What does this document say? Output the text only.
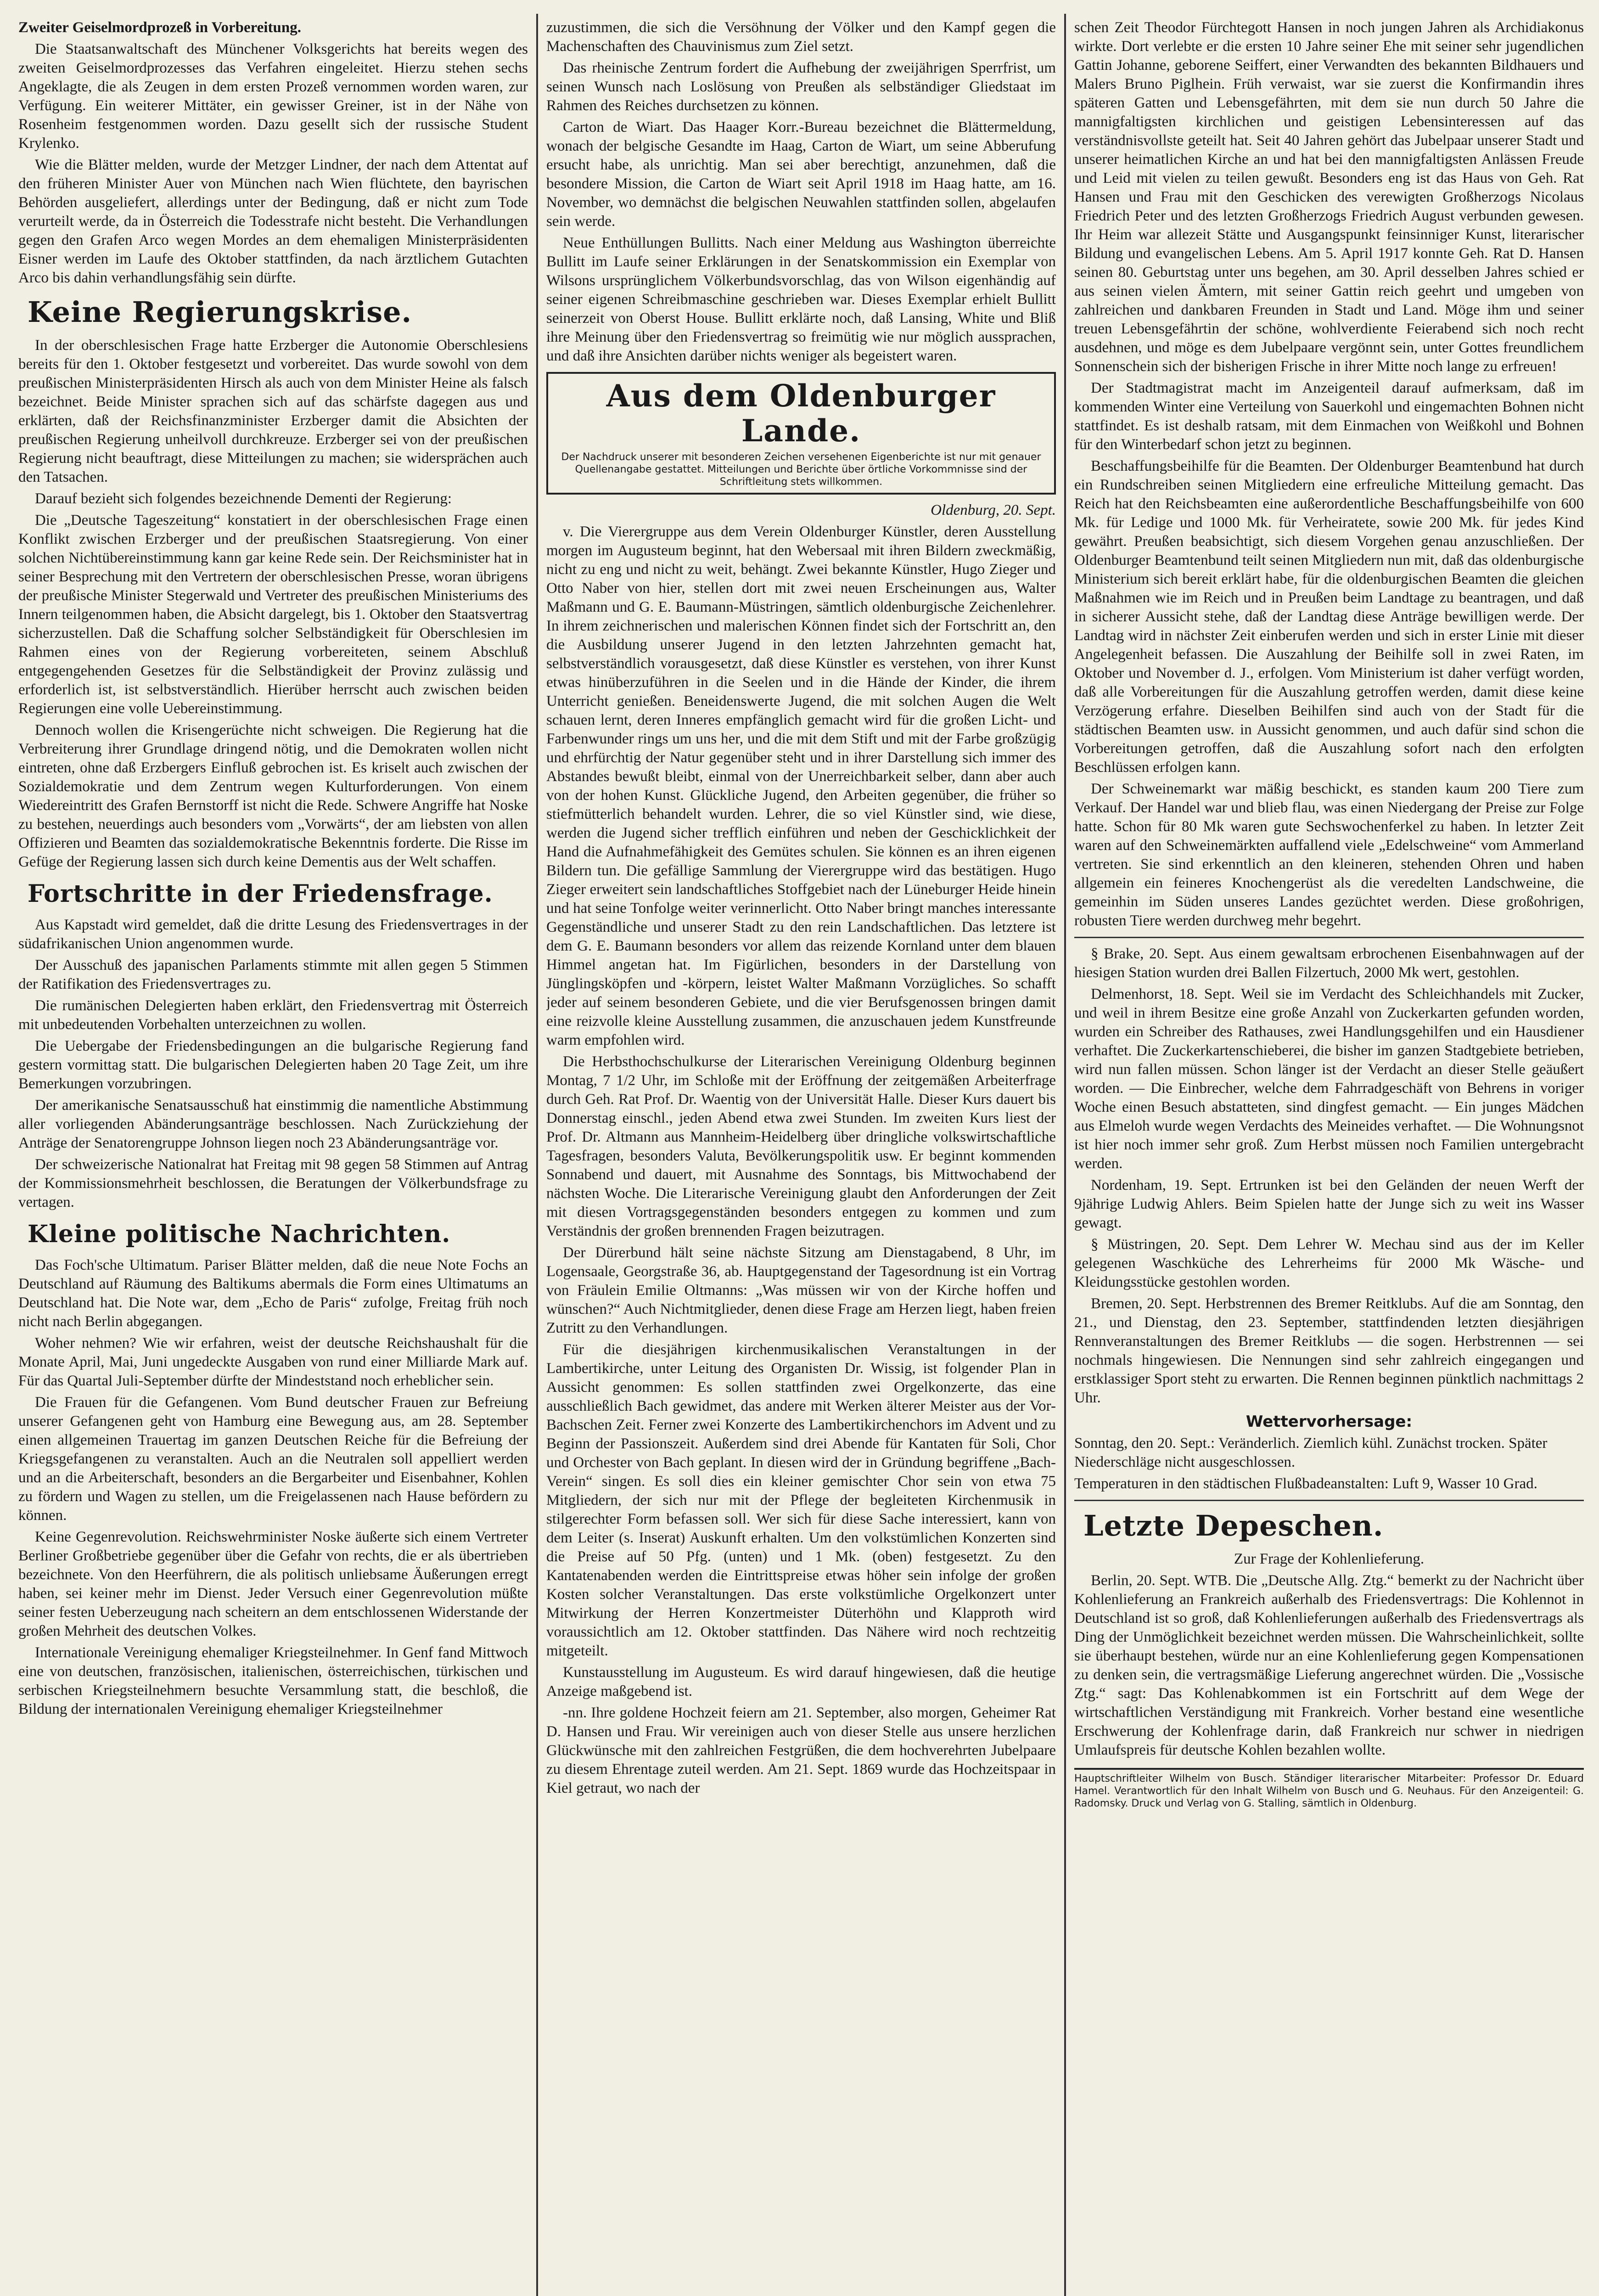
Zweiter Geiselmordprozeß in Vorbereitung.

Die Staatsanwaltschaft des Münchener Volksgerichts hat bereits wegen des zweiten Geiselmordprozesses das Verfahren eingeleitet. Hierzu stehen sechs Angeklagte, die als Zeugen in dem ersten Prozeß vernommen worden waren, zur Verfügung. Ein weiterer Mittäter, ein gewisser Greiner, ist in der Nähe von Rosenheim festgenommen worden. Dazu gesellt sich der russische Student Krylenko.

Wie die Blätter melden, wurde der Metzger Lindner, der nach dem Attentat auf den früheren Minister Auer von München nach Wien flüchtete, den bayrischen Behörden ausgeliefert, allerdings unter der Bedingung, daß er nicht zum Tode verurteilt werde, da in Österreich die Todesstrafe nicht besteht. Die Verhandlungen gegen den Grafen Arco wegen Mordes an dem ehemaligen Ministerpräsidenten Eisner werden im Laufe des Oktober stattfinden, da nach ärztlichem Gutachten Arco bis dahin verhandlungsfähig sein dürfte.

Keine Regierungskrise.

In der oberschlesischen Frage hatte Erzberger die Autonomie Oberschlesiens bereits für den 1. Oktober festgesetzt und vorbereitet. Das wurde sowohl von dem preußischen Ministerpräsidenten Hirsch als auch von dem Minister Heine als falsch bezeichnet. Beide Minister sprachen sich auf das schärfste dagegen aus und erklärten, daß der Reichsfinanzminister Erzberger damit die Absichten der preußischen Regierung unheilvoll durchkreuze. Erzberger sei von der preußischen Regierung nicht beauftragt, diese Mitteilungen zu machen; sie widersprächen auch den Tatsachen.

Darauf bezieht sich folgendes bezeichnende Dementi der Regierung:

Die „Deutsche Tageszeitung“ konstatiert in der oberschlesischen Frage einen Konflikt zwischen Erzberger und der preußischen Staatsregierung. Von einer solchen Nichtübereinstimmung kann gar keine Rede sein. Der Reichsminister hat in seiner Besprechung mit den Vertretern der oberschlesischen Presse, woran übrigens der preußische Minister Stegerwald und Vertreter des preußischen Ministeriums des Innern teilgenommen haben, die Absicht dargelegt, bis 1. Oktober den Staatsvertrag sicherzustellen. Daß die Schaffung solcher Selbständigkeit für Oberschlesien im Rahmen eines von der Regierung vorbereiteten, seinem Abschluß entgegengehenden Gesetzes für die Selbständigkeit der Provinz zulässig und erforderlich ist, ist selbstverständlich. Hierüber herrscht auch zwischen beiden Regierungen eine volle Uebereinstimmung.

Dennoch wollen die Krisengerüchte nicht schweigen. Die Regierung hat die Verbreiterung ihrer Grundlage dringend nötig, und die Demokraten wollen nicht eintreten, ohne daß Erzbergers Einfluß gebrochen ist. Es kriselt auch zwischen der Sozialdemokratie und dem Zentrum wegen Kulturforderungen. Von einem Wiedereintritt des Grafen Bernstorff ist nicht die Rede. Schwere Angriffe hat Noske zu bestehen, neuerdings auch besonders vom „Vorwärts“, der am liebsten von allen Offizieren und Beamten das sozialdemokratische Bekenntnis forderte. Die Risse im Gefüge der Regierung lassen sich durch keine Dementis aus der Welt schaffen.

Fortschritte in der Friedensfrage.

Aus Kapstadt wird gemeldet, daß die dritte Lesung des Friedensvertrages in der südafrikanischen Union angenommen wurde.

Der Ausschuß des japanischen Parlaments stimmte mit allen gegen 5 Stimmen der Ratifikation des Friedensvertrages zu.

Die rumänischen Delegierten haben erklärt, den Friedensvertrag mit Österreich mit unbedeutenden Vorbehalten unterzeichnen zu wollen.

Die Uebergabe der Friedensbedingungen an die bulgarische Regierung fand gestern vormittag statt. Die bulgarischen Delegierten haben 20 Tage Zeit, um ihre Bemerkungen vorzubringen.

Der amerikanische Senatsausschuß hat einstimmig die namentliche Abstimmung aller vorliegenden Abänderungsanträge beschlossen. Nach Zurückziehung der Anträge der Senatorengruppe Johnson liegen noch 23 Abänderungsanträge vor.

Der schweizerische Nationalrat hat Freitag mit 98 gegen 58 Stimmen auf Antrag der Kommissionsmehrheit beschlossen, die Beratungen der Völkerbundsfrage zu vertagen.

Kleine politische Nachrichten.

Das Foch'sche Ultimatum. Pariser Blätter melden, daß die neue Note Fochs an Deutschland auf Räumung des Baltikums abermals die Form eines Ultimatums an Deutschland hat. Die Note war, dem „Echo de Paris“ zufolge, Freitag früh noch nicht nach Berlin abgegangen.

Woher nehmen? Wie wir erfahren, weist der deutsche Reichshaushalt für die Monate April, Mai, Juni ungedeckte Ausgaben von rund einer Milliarde Mark auf. Für das Quartal Juli-September dürfte der Mindeststand noch erheblicher sein.

Die Frauen für die Gefangenen. Vom Bund deutscher Frauen zur Befreiung unserer Gefangenen geht von Hamburg eine Bewegung aus, am 28. September einen allgemeinen Trauertag im ganzen Deutschen Reiche für die Befreiung der Kriegsgefangenen zu veranstalten. Auch an die Neutralen soll appelliert werden und an die Arbeiterschaft, besonders an die Bergarbeiter und Eisenbahner, Kohlen zu fördern und Wagen zu stellen, um die Freigelassenen nach Hause befördern zu können.

Keine Gegenrevolution. Reichswehrminister Noske äußerte sich einem Vertreter Berliner Großbetriebe gegenüber über die Gefahr von rechts, die er als übertrieben bezeichnete. Von den Heerführern, die als politisch unliebsame Äußerungen erregt haben, sei keiner mehr im Dienst. Jeder Versuch einer Gegenrevolution müßte seiner festen Ueberzeugung nach scheitern an dem entschlossenen Widerstande der großen Mehrheit des deutschen Volkes.

Internationale Vereinigung ehemaliger Kriegsteilnehmer. In Genf fand Mittwoch eine von deutschen, französischen, italienischen, österreichischen, türkischen und serbischen Kriegsteilnehmern besuchte Versammlung statt, die beschloß, die Bildung der internationalen Vereinigung ehemaliger Kriegsteilnehmer

zuzustimmen, die sich die Versöhnung der Völker und den Kampf gegen die Machenschaften des Chauvinismus zum Ziel setzt.

Das rheinische Zentrum fordert die Aufhebung der zweijährigen Sperrfrist, um seinen Wunsch nach Loslösung von Preußen als selbständiger Gliedstaat im Rahmen des Reiches durchsetzen zu können.

Carton de Wiart. Das Haager Korr.-Bureau bezeichnet die Blättermeldung, wonach der belgische Gesandte im Haag, Carton de Wiart, um seine Abberufung ersucht habe, als unrichtig. Man sei aber berechtigt, anzunehmen, daß die besondere Mission, die Carton de Wiart seit April 1918 im Haag hatte, am 16. November, wo demnächst die belgischen Neuwahlen stattfinden sollen, abgelaufen sein werde.

Neue Enthüllungen Bullitts. Nach einer Meldung aus Washington überreichte Bullitt im Laufe seiner Erklärungen in der Senatskommission ein Exemplar von Wilsons ursprünglichem Völkerbundsvorschlag, das von Wilson eigenhändig auf seiner eigenen Schreibmaschine geschrieben war. Dieses Exemplar erhielt Bullitt seinerzeit von Oberst House. Bullitt erklärte noch, daß Lansing, White und Bliß ihre Meinung über den Friedensvertrag so freimütig wie nur möglich aussprachen, und daß ihre Ansichten darüber nichts weniger als begeistert waren.

Aus dem Oldenburger Lande.
Der Nachdruck unserer mit besonderen Zeichen versehenen Eigenberichte ist nur mit genauer Quellenangabe gestattet. Mitteilungen und Berichte über örtliche Vorkommnisse sind der Schriftleitung stets willkommen.

Oldenburg, 20. Sept.

v. Die Vierergruppe aus dem Verein Oldenburger Künstler, deren Ausstellung morgen im Augusteum beginnt, hat den Webersaal mit ihren Bildern zweckmäßig, nicht zu eng und nicht zu weit, behängt. Zwei bekannte Künstler, Hugo Zieger und Otto Naber von hier, stellen dort mit zwei neuen Erscheinungen aus, Walter Maßmann und G. E. Baumann-Müstringen, sämtlich oldenburgische Zeichenlehrer. In ihrem zeichnerischen und malerischen Können findet sich der Fortschritt an, den die Ausbildung unserer Jugend in den letzten Jahrzehnten gemacht hat, selbstverständlich vorausgesetzt, daß diese Künstler es verstehen, von ihrer Kunst etwas hinüberzuführen in die Seelen und in die Hände der Kinder, die ihrem Unterricht genießen. Beneidenswerte Jugend, die mit solchen Augen die Welt schauen lernt, deren Inneres empfänglich gemacht wird für die großen Licht- und Farbenwunder rings um uns her, und die mit dem Stift und mit der Farbe großzügig und ehrfürchtig der Natur gegenüber steht und in ihrer Darstellung sich immer des Abstandes bewußt bleibt, einmal von der Unerreichbarkeit selber, dann aber auch von der hohen Kunst. Glückliche Jugend, den Arbeiten gegenüber, die früher so stiefmütterlich behandelt wurden. Lehrer, die so viel Künstler sind, wie diese, werden die Jugend sicher trefflich einführen und neben der Geschicklichkeit der Hand die Aufnahmefähigkeit des Gemütes schulen. Sie können es an ihren eigenen Bildern tun. Die gefällige Sammlung der Vierergruppe wird das bestätigen. Hugo Zieger erweitert sein landschaftliches Stoffgebiet nach der Lüneburger Heide hinein und hat seine Tonfolge weiter verinnerlicht. Otto Naber bringt manches interessante Gegenständliche und unserer Stadt zu den rein Landschaftlichen. Das letztere ist dem G. E. Baumann besonders vor allem das reizende Kornland unter dem blauen Himmel angetan hat. Im Figürlichen, besonders in der Darstellung von Jünglingsköpfen und -körpern, leistet Walter Maßmann Vorzügliches. So schafft jeder auf seinem besonderen Gebiete, und die vier Berufsgenossen bringen damit eine reizvolle kleine Ausstellung zusammen, die anzuschauen jedem Kunstfreunde warm empfohlen wird.

Die Herbsthochschulkurse der Literarischen Vereinigung Oldenburg beginnen Montag, 7 1/2 Uhr, im Schloße mit der Eröffnung der zeitgemäßen Arbeiterfrage durch Geh. Rat Prof. Dr. Waentig von der Universität Halle. Dieser Kurs dauert bis Donnerstag einschl., jeden Abend etwa zwei Stunden. Im zweiten Kurs liest der Prof. Dr. Altmann aus Mannheim-Heidelberg über dringliche volkswirtschaftliche Tagesfragen, besonders Valuta, Bevölkerungspolitik usw. Er beginnt kommenden Sonnabend und dauert, mit Ausnahme des Sonntags, bis Mittwochabend der nächsten Woche. Die Literarische Vereinigung glaubt den Anforderungen der Zeit mit diesen Vortragsgegenständen besonders entgegen zu kommen und zum Verständnis der großen brennenden Fragen beizutragen.

Der Dürerbund hält seine nächste Sitzung am Dienstagabend, 8 Uhr, im Logensaale, Georgstraße 36, ab. Hauptgegenstand der Tagesordnung ist ein Vortrag von Fräulein Emilie Oltmanns: „Was müssen wir von der Kirche hoffen und wünschen?“ Auch Nichtmitglieder, denen diese Frage am Herzen liegt, haben freien Zutritt zu den Verhandlungen.

Für die diesjährigen kirchenmusikalischen Veranstaltungen in der Lambertikirche, unter Leitung des Organisten Dr. Wissig, ist folgender Plan in Aussicht genommen: Es sollen stattfinden zwei Orgelkonzerte, das eine ausschließlich Bach gewidmet, das andere mit Werken älterer Meister aus der Vor-Bachschen Zeit. Ferner zwei Konzerte des Lambertikirchenchors im Advent und zu Beginn der Passionszeit. Außerdem sind drei Abende für Kantaten für Soli, Chor und Orchester von Bach geplant. In diesen wird der in Gründung begriffene „Bach-Verein“ singen. Es soll dies ein kleiner gemischter Chor sein von etwa 75 Mitgliedern, der sich nur mit der Pflege der begleiteten Kirchenmusik in stilgerechter Form befassen soll. Wer sich für diese Sache interessiert, kann von dem Leiter (s. Inserat) Auskunft erhalten. Um den volkstümlichen Konzerten sind die Preise auf 50 Pfg. (unten) und 1 Mk. (oben) festgesetzt. Zu den Kantatenabenden werden die Eintrittspreise etwas höher sein infolge der großen Kosten solcher Veranstaltungen. Das erste volkstümliche Orgelkonzert unter Mitwirkung der Herren Konzertmeister Düterhöhn und Klapproth wird voraussichtlich am 12. Oktober stattfinden. Das Nähere wird noch rechtzeitig mitgeteilt.

Kunstausstellung im Augusteum. Es wird darauf hingewiesen, daß die heutige Anzeige maßgebend ist.

-nn. Ihre goldene Hochzeit feiern am 21. September, also morgen, Geheimer Rat D. Hansen und Frau. Wir vereinigen auch von dieser Stelle aus unsere herzlichen Glückwünsche mit den zahlreichen Festgrüßen, die dem hochverehrten Jubelpaare zu diesem Ehrentage zuteil werden. Am 21. Sept. 1869 wurde das Hochzeitspaar in Kiel getraut, wo nach der

schen Zeit Theodor Fürchtegott Hansen in noch jungen Jahren als Archidiakonus wirkte. Dort verlebte er die ersten 10 Jahre seiner Ehe mit seiner sehr jugendlichen Gattin Johanne, geborene Seiffert, einer Verwandten des bekannten Bildhauers und Malers Bruno Piglhein. Früh verwaist, war sie zuerst die Konfirmandin ihres späteren Gatten und Lebensgefährten, mit dem sie nun durch 50 Jahre die mannigfaltigsten kirchlichen und geistigen Lebensinteressen auf das verständnisvollste geteilt hat. Seit 40 Jahren gehört das Jubelpaar unserer Stadt und unserer heimatlichen Kirche an und hat bei den mannigfaltigsten Anlässen Freude und Leid mit vielen zu teilen gewußt. Besonders eng ist das Haus von Geh. Rat Hansen und Frau mit den Geschicken des verewigten Großherzogs Nicolaus Friedrich Peter und des letzten Großherzogs Friedrich August verbunden gewesen. Ihr Heim war allezeit Stätte und Ausgangspunkt feinsinniger Kunst, literarischer Bildung und evangelischen Lebens. Am 5. April 1917 konnte Geh. Rat D. Hansen seinen 80. Geburtstag unter uns begehen, am 30. April desselben Jahres schied er aus seinen vielen Ämtern, mit seiner Gattin reich geehrt und umgeben von zahlreichen und dankbaren Freunden in Stadt und Land. Möge ihm und seiner treuen Lebensgefährtin der schöne, wohlverdiente Feierabend sich noch recht ausdehnen, und möge es dem Jubelpaare vergönnt sein, unter Gottes freundlichem Sonnenschein sich der bisherigen Frische in ihrer Mitte noch lange zu erfreuen!

Der Stadtmagistrat macht im Anzeigenteil darauf aufmerksam, daß im kommenden Winter eine Verteilung von Sauerkohl und eingemachten Bohnen nicht stattfindet. Es ist deshalb ratsam, mit dem Einmachen von Weißkohl und Bohnen für den Winterbedarf schon jetzt zu beginnen.

Beschaffungsbeihilfe für die Beamten. Der Oldenburger Beamtenbund hat durch ein Rundschreiben seinen Mitgliedern eine erfreuliche Mitteilung gemacht. Das Reich hat den Reichsbeamten eine außerordentliche Beschaffungsbeihilfe von 600 Mk. für Ledige und 1000 Mk. für Verheiratete, sowie 200 Mk. für jedes Kind gewährt. Preußen beabsichtigt, sich diesem Vorgehen genau anzuschließen. Der Oldenburger Beamtenbund teilt seinen Mitgliedern nun mit, daß das oldenburgische Ministerium sich bereit erklärt habe, für die oldenburgischen Beamten die gleichen Maßnahmen wie im Reich und in Preußen beim Landtage zu beantragen, und daß in sicherer Aussicht stehe, daß der Landtag diese Anträge bewilligen werde. Der Landtag wird in nächster Zeit einberufen werden und sich in erster Linie mit dieser Angelegenheit befassen. Die Auszahlung der Beihilfe soll in zwei Raten, im Oktober und November d. J., erfolgen. Vom Ministerium ist daher verfügt worden, daß alle Vorbereitungen für die Auszahlung getroffen werden, damit diese keine Verzögerung erfahre. Dieselben Beihilfen sind auch von der Stadt für die städtischen Beamten usw. in Aussicht genommen, und auch dafür sind schon die Vorbereitungen getroffen, daß die Auszahlung sofort nach den erfolgten Beschlüssen erfolgen kann.

Der Schweinemarkt war mäßig beschickt, es standen kaum 200 Tiere zum Verkauf. Der Handel war und blieb flau, was einen Niedergang der Preise zur Folge hatte. Schon für 80 Mk waren gute Sechswochenferkel zu haben. In letzter Zeit waren auf den Schweinemärkten auffallend viele „Edelschweine“ vom Ammerland vertreten. Sie sind erkenntlich an den kleineren, stehenden Ohren und haben allgemein ein feineres Knochengerüst als die veredelten Landschweine, die gemeinhin im Süden unseres Landes gezüchtet werden. Diese großohrigen, robusten Tiere werden durchweg mehr begehrt.

§ Brake, 20. Sept. Aus einem gewaltsam erbrochenen Eisenbahnwagen auf der hiesigen Station wurden drei Ballen Filzertuch, 2000 Mk wert, gestohlen.

Delmenhorst, 18. Sept. Weil sie im Verdacht des Schleichhandels mit Zucker, und weil in ihrem Besitze eine große Anzahl von Zuckerkarten gefunden worden, wurden ein Schreiber des Rathauses, zwei Handlungsgehilfen und ein Hausdiener verhaftet. Die Zuckerkartenschieberei, die bisher im ganzen Stadtgebiete betrieben, wird nun fallen müssen. Schon länger ist der Verdacht an dieser Stelle geäußert worden. — Die Einbrecher, welche dem Fahrradgeschäft von Behrens in voriger Woche einen Besuch abstatteten, sind dingfest gemacht. — Ein junges Mädchen aus Elmeloh wurde wegen Verdachts des Meineides verhaftet. — Die Wohnungsnot ist hier noch immer sehr groß. Zum Herbst müssen noch Familien untergebracht werden.

Nordenham, 19. Sept. Ertrunken ist bei den Geländen der neuen Werft der 9jährige Ludwig Ahlers. Beim Spielen hatte der Junge sich zu weit ins Wasser gewagt.

§ Müstringen, 20. Sept. Dem Lehrer W. Mechau sind aus der im Keller gelegenen Waschküche des Lehrerheims für 2000 Mk Wäsche- und Kleidungsstücke gestohlen worden.

Bremen, 20. Sept. Herbstrennen des Bremer Reitklubs. Auf die am Sonntag, den 21., und Dienstag, den 23. September, stattfindenden letzten diesjährigen Rennveranstaltungen des Bremer Reitklubs — die sogen. Herbstrennen — sei nochmals hingewiesen. Die Nennungen sind sehr zahlreich eingegangen und erstklassiger Sport steht zu erwarten. Die Rennen beginnen pünktlich nachmittags 2 Uhr.

Wettervorhersage:

Sonntag, den 20. Sept.: Veränderlich. Ziemlich kühl. Zunächst trocken. Später Niederschläge nicht ausgeschlossen.

Temperaturen in den städtischen Flußbadeanstalten: Luft 9, Wasser 10 Grad.

Letzte Depeschen.

Zur Frage der Kohlenlieferung.

Berlin, 20. Sept. WTB. Die „Deutsche Allg. Ztg.“ bemerkt zu der Nachricht über Kohlenlieferung an Frankreich außerhalb des Friedensvertrags: Die Kohlennot in Deutschland ist so groß, daß Kohlenlieferungen außerhalb des Friedensvertrags als Ding der Unmöglichkeit bezeichnet werden müssen. Die Wahrscheinlichkeit, sollte sie überhaupt bestehen, würde nur an eine Kohlenlieferung gegen Kompensationen zu denken sein, die vertragsmäßige Lieferung angerechnet würden. Die „Vossische Ztg.“ sagt: Das Kohlenabkommen ist ein Fortschritt auf dem Wege der wirtschaftlichen Verständigung mit Frankreich. Vorher bestand eine wesentliche Erschwerung der Kohlenfrage darin, daß Frankreich nur schwer in niedrigen Umlaufspreis für deutsche Kohlen bezahlen wollte.

Hauptschriftleiter Wilhelm von Busch. Ständiger literarischer Mitarbeiter: Professor Dr. Eduard Hamel. Verantwortlich für den Inhalt Wilhelm von Busch und G. Neuhaus. Für den Anzeigenteil: G. Radomsky. Druck und Verlag von G. Stalling, sämtlich in Oldenburg.
